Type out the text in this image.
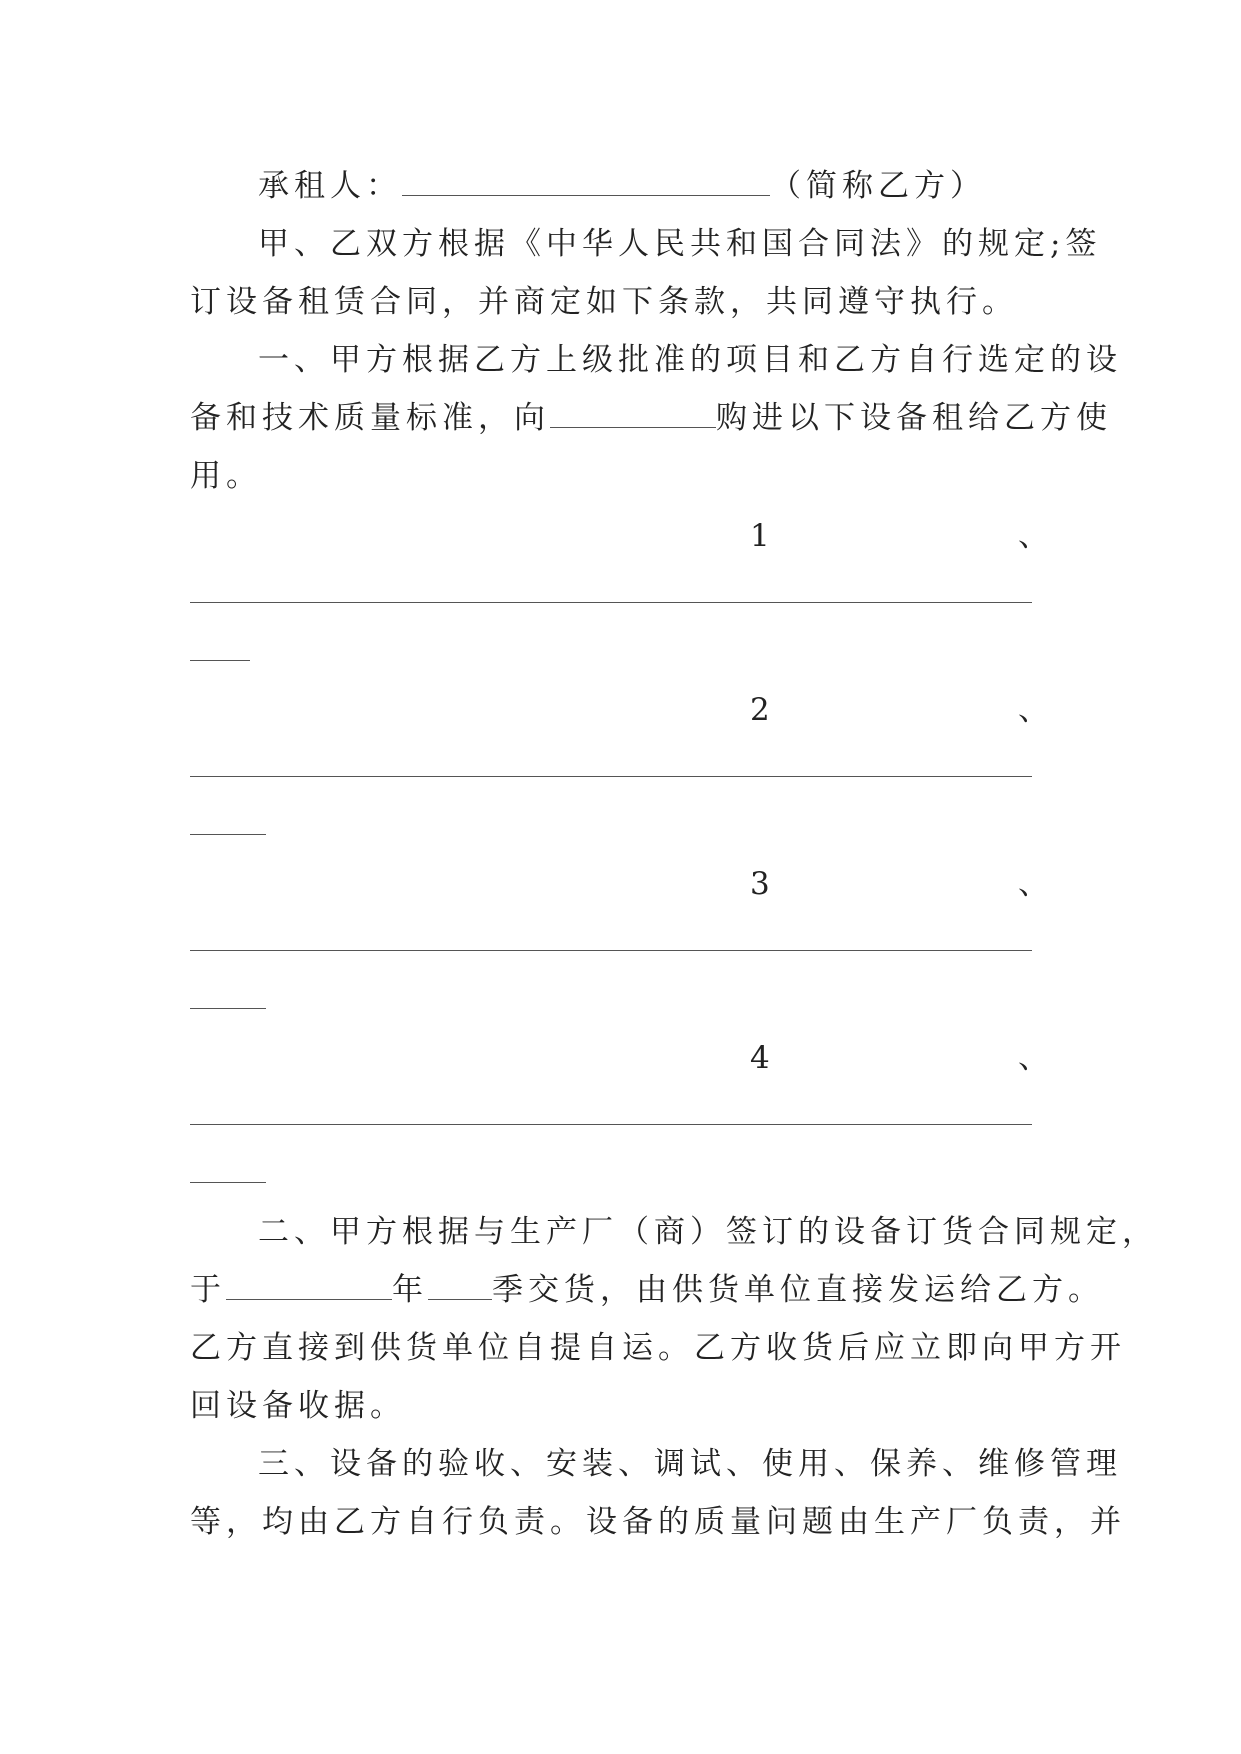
承租人：	（简称乙方）
甲、乙双方根据《中华人民共和国合同法》的规定;签
订设备租赁合同，并商定如下条款，共同遵守执行。
一、甲方根据乙方上级批准的项目和乙方自行选定的设
备和技术质量标准，向	购进以下设备租给乙方使
用。
1	、
2	、
3	、
4	、
二、甲方根据与生产厂（商）签订的设备订货合同规定，
于	年 季交货，由供货单位直接发运给乙方。
乙方直接到供货单位自提自运。乙方收货后应立即向甲方开
回设备收据。
三、设备的验收、安装、调试、使用、保养、维修管理
等，均由乙方自行负责。设备的质量问题由生产厂负责，并
